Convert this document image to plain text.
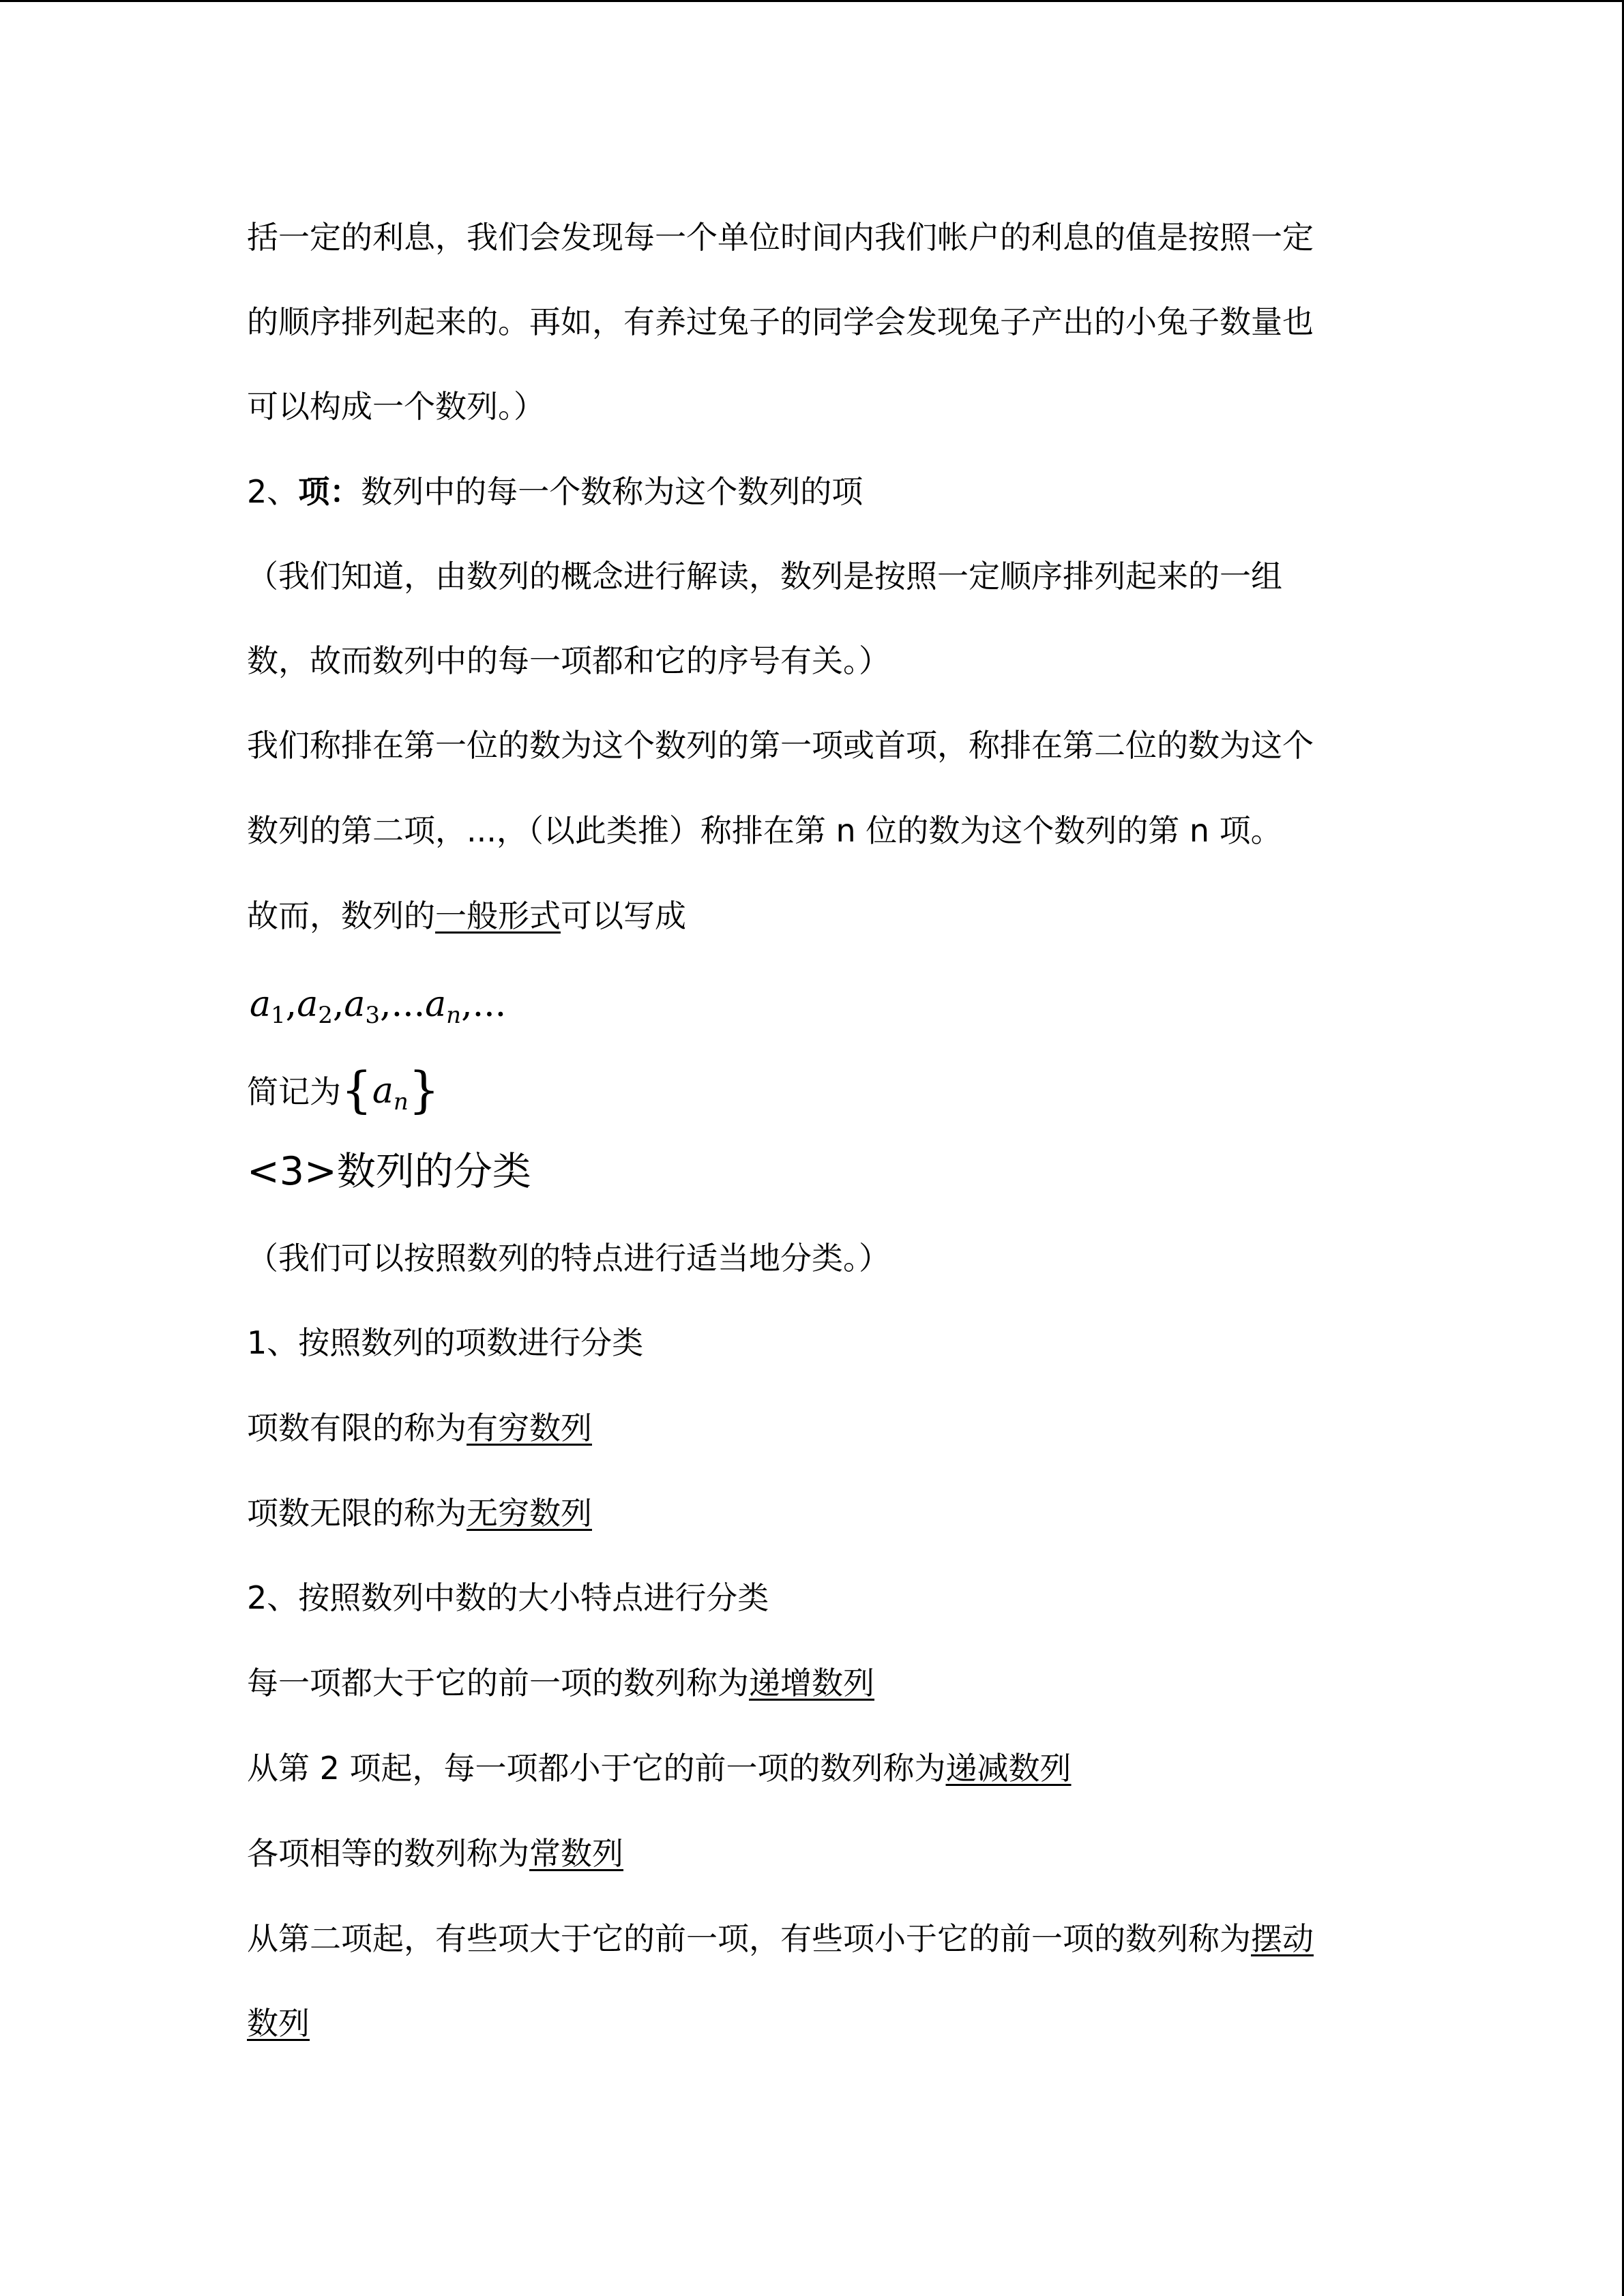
括一定的利息，我们会发现每一个单位时间内我们帐户的利息的值是按照一定
的顺序排列起来的。再如，有养过兔子的同学会发现兔子产出的小兔子数量也
可以构成一个数列。）
2、项：数列中的每一个数称为这个数列的项
（我们知道，由数列的概念进行解读，数列是按照一定顺序排列起来的一组
数，故而数列中的每一项都和它的序号有关。）
我们称排在第一位的数为这个数列的第一项或首项，称排在第二位的数为这个
数列的第二项，...，（以此类推）称排在第 n 位的数为这个数列的第 n 项。
故而，数列的一般形式可以写成
$a_1,a_2,a_3,...a_n$,...
简记为$\{a_n\}$
<3>数列的分类
（我们可以按照数列的特点进行适当地分类。）
1、按照数列的项数进行分类
项数有限的称为有穷数列
项数无限的称为无穷数列
2、按照数列中数的大小特点进行分类
每一项都大于它的前一项的数列称为递增数列
从第 2 项起，每一项都小于它的前一项的数列称为递减数列
各项相等的数列称为常数列
从第二项起，有些项大于它的前一项，有些项小于它的前一项的数列称为摆动
数列
